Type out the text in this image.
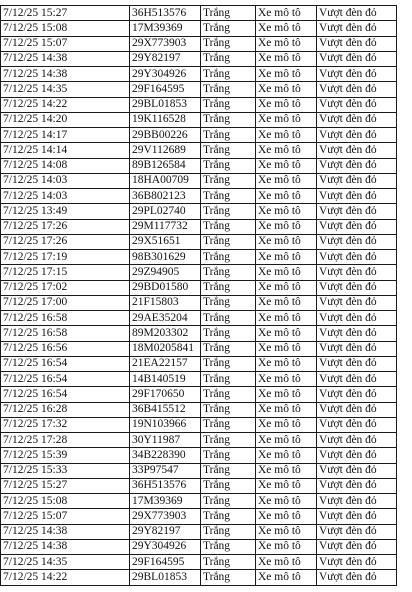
7/12/25 15:27	36H513576	Trắng	Xe mô tô	Vượt đèn đỏ
7/12/25 15:08	17M39369	Trắng	Xe mô tô	Vượt đèn đỏ
7/12/25 15:07	29X773903	Trắng	Xe mô tô	Vượt đèn đỏ
7/12/25 14:38	29Y82197	Trắng	Xe mô tô	Vượt đèn đỏ
7/12/25 14:38	29Y304926	Trắng	Xe mô tô	Vượt đèn đỏ
7/12/25 14:35	29F164595	Trắng	Xe mô tô	Vượt đèn đỏ
7/12/25 14:22	29BL01853	Trắng	Xe mô tô	Vượt đèn đỏ
7/12/25 14:20	19K116528	Trắng	Xe mô tô	Vượt đèn đỏ
7/12/25 14:17	29BB00226	Trắng	Xe mô tô	Vượt đèn đỏ
7/12/25 14:14	29V112689	Trắng	Xe mô tô	Vượt đèn đỏ
7/12/25 14:08	89B126584	Trắng	Xe mô tô	Vượt đèn đỏ
7/12/25 14:03	18HA00709	Trắng	Xe mô tô	Vượt đèn đỏ
7/12/25 14:03	36B802123	Trắng	Xe mô tô	Vượt đèn đỏ
7/12/25 13:49	29PL02740	Trắng	Xe mô tô	Vượt đèn đỏ
7/12/25 17:26	29M117732	Trắng	Xe mô tô	Vượt đèn đỏ
7/12/25 17:26	29X51651	Trắng	Xe mô tô	Vượt đèn đỏ
7/12/25 17:19	98B301629	Trắng	Xe mô tô	Vượt đèn đỏ
7/12/25 17:15	29Z94905	Trắng	Xe mô tô	Vượt đèn đỏ
7/12/25 17:02	29BD01580	Trắng	Xe mô tô	Vượt đèn đỏ
7/12/25 17:00	21F15803	Trắng	Xe mô tô	Vượt đèn đỏ
7/12/25 16:58	29AE35204	Trắng	Xe mô tô	Vượt đèn đỏ
7/12/25 16:58	89M203302	Trắng	Xe mô tô	Vượt đèn đỏ
7/12/25 16:56	18M0205841	Trắng	Xe mô tô	Vượt đèn đỏ
7/12/25 16:54	21EA22157	Trắng	Xe mô tô	Vượt đèn đỏ
7/12/25 16:54	14B140519	Trắng	Xe mô tô	Vượt đèn đỏ
7/12/25 16:54	29F170650	Trắng	Xe mô tô	Vượt đèn đỏ
7/12/25 16:28	36B415512	Trắng	Xe mô tô	Vượt đèn đỏ
7/12/25 17:32	19N103966	Trắng	Xe mô tô	Vượt đèn đỏ
7/12/25 17:28	30Y11987	Trắng	Xe mô tô	Vượt đèn đỏ
7/12/25 15:39	34B228390	Trắng	Xe mô tô	Vượt đèn đỏ
7/12/25 15:33	33P97547	Trắng	Xe mô tô	Vượt đèn đỏ
7/12/25 15:27	36H513576	Trắng	Xe mô tô	Vượt đèn đỏ
7/12/25 15:08	17M39369	Trắng	Xe mô tô	Vượt đèn đỏ
7/12/25 15:07	29X773903	Trắng	Xe mô tô	Vượt đèn đỏ
7/12/25 14:38	29Y82197	Trắng	Xe mô tô	Vượt đèn đỏ
7/12/25 14:38	29Y304926	Trắng	Xe mô tô	Vượt đèn đỏ
7/12/25 14:35	29F164595	Trắng	Xe mô tô	Vượt đèn đỏ
7/12/25 14:22	29BL01853	Trắng	Xe mô tô	Vượt đèn đỏ
